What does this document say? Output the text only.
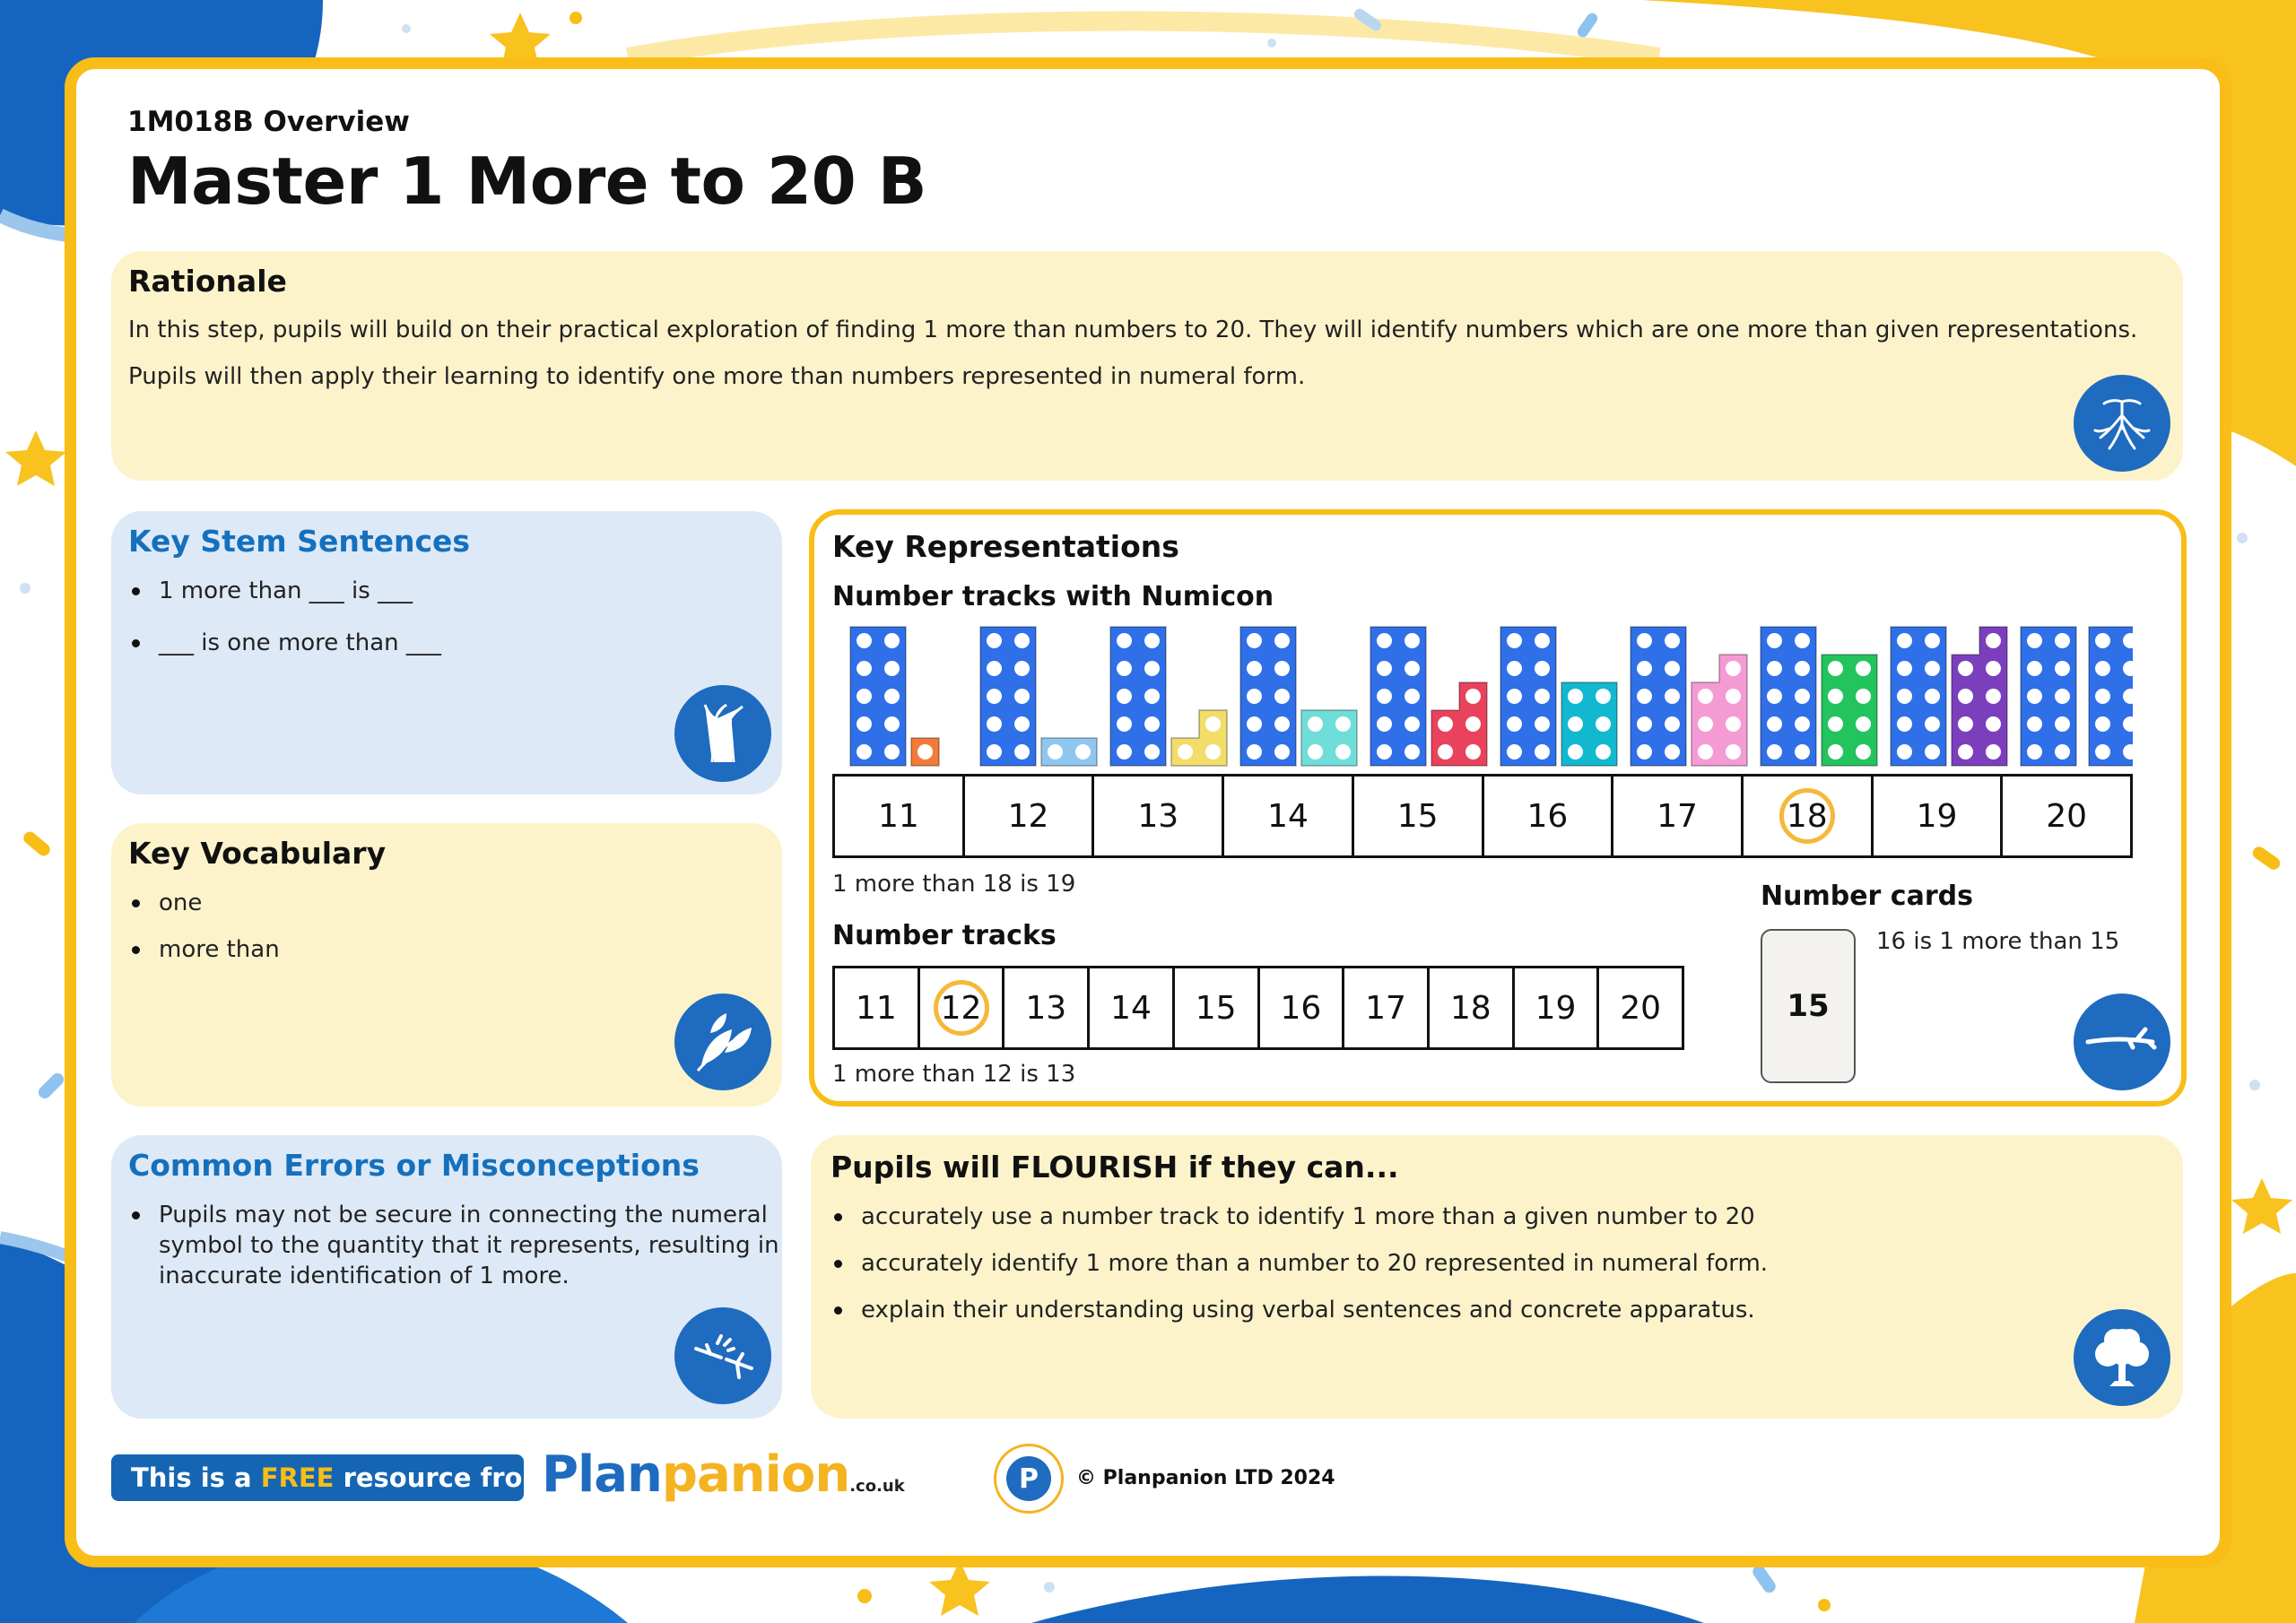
1M018B Overview
Master 1 More to 20 B
Rationale
In this step, pupils will build on their practical exploration of finding 1 more than numbers to 20. They will identify numbers which are one more than given representations.
Pupils will then apply their learning to identify one more than numbers represented in numeral form.
Key Stem Sentences
1 more than ___ is ___
___ is one more than ___
Key Vocabulary
one
more than
Common Errors or Misconceptions
Pupils may not be secure in connecting the numeral
symbol to the quantity that it represents, resulting in
inaccurate identification of 1 more.
Key Representations
Number tracks with Numicon
11	12	13	14	15	16	17	18	19	20
1 more than 18 is 19
Number tracks
11 12 13 14 15 16 17 18 19 20
1 more than 12 is 13
Number cards
15
16 is 1 more than 15
Pupils will FLOURISH if they can...
accurately use a number track to identify 1 more than a given number to 20
accurately identify 1 more than a number to 20 represented in numeral form.
explain their understanding using verbal sentences and concrete apparatus.
This is a FREE resource from
Planpanion.co.uk	P	© Planpanion LTD 2024
